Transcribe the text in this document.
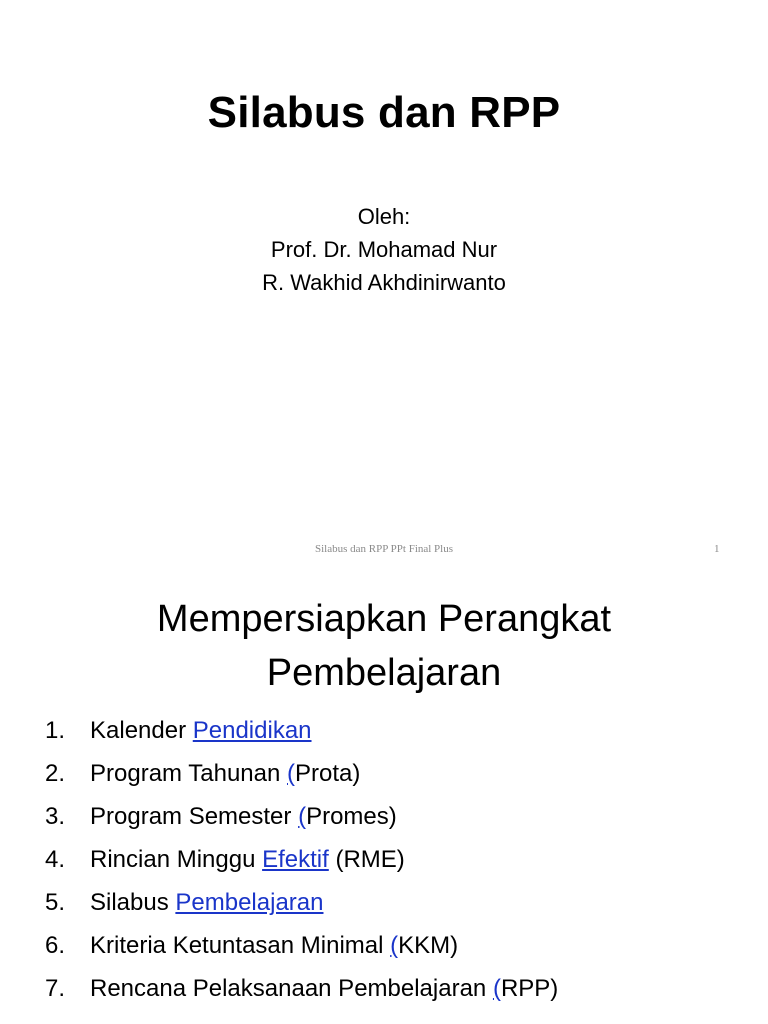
Silabus dan RPP
Oleh:
Prof. Dr. Mohamad Nur
R. Wakhid Akhdinirwanto
Silabus dan RPP PPt Final Plus	1
Mempersiapkan Perangkat
Pembelajaran
1. Kalender Pendidikan
2. Program Tahunan (Prota)
3. Program Semester (Promes)
4. Rincian Minggu Efektif (RME)
5. Silabus Pembelajaran
6. Kriteria Ketuntasan Minimal (KKM)
7. Rencana Pelaksanaan Pembelajaran (RPP)
